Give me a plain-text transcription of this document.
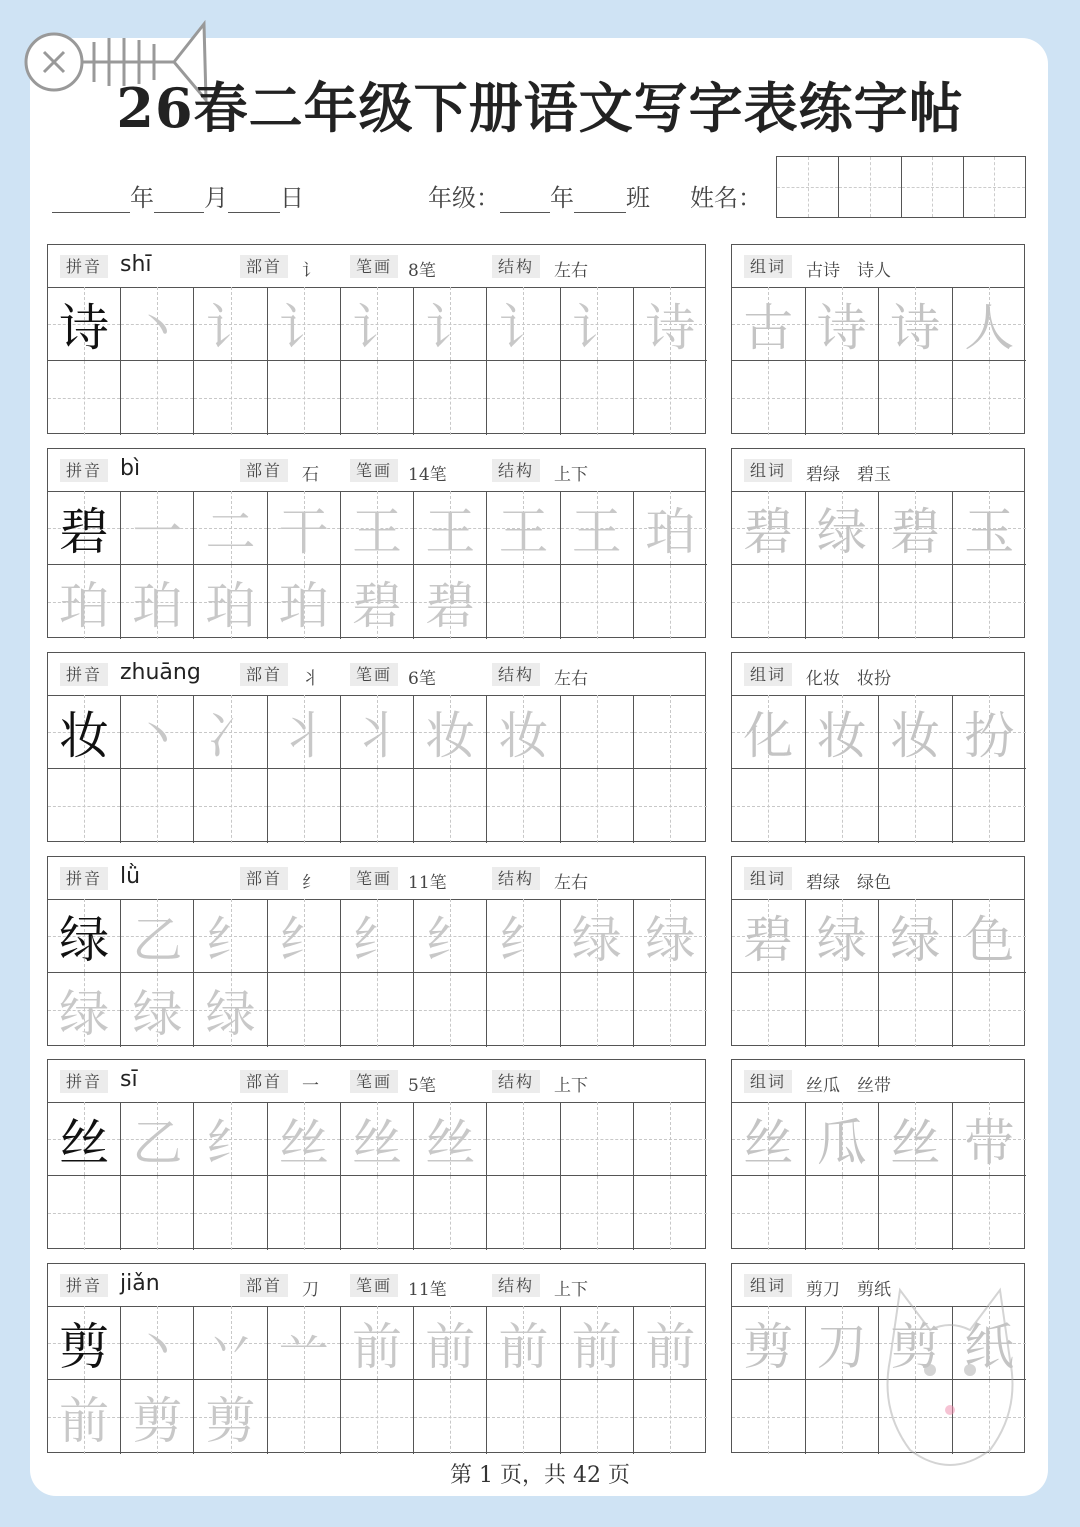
26春二年级下册语文写字表练字帖
年 月 日	年级： 年 班 姓名：
拼音 shī	部首	讠	笔画 8笔	结构	左右
诗 丶 讠 讠 讠 讠 讠 讠 诗
组词	古诗　诗人
古 诗 诗 人
拼音 bì	部首	石	笔画 14笔	结构	上下
碧 一 二 干 王 王 王 王 珀
珀 珀 珀 珀 碧 碧
组词	碧绿　碧玉
碧 绿 碧 玉
拼音 zhuāng	部首	丬	笔画 6笔	结构	左右
妆 丶 冫 丬 丬 妆 妆
组词	化妆　妆扮
化 妆 妆 扮
拼音 lǜ	部首	纟	笔画 11笔	结构	左右
绿 乙 纟 纟 纟 纟 纟 绿 绿
绿 绿 绿
组词	碧绿　绿色
碧 绿 绿 色
拼音 sī	部首	一	笔画 5笔	结构	上下
丝 乙 纟 丝 丝 丝
组词	丝瓜　丝带
丝 瓜 丝 带
拼音 jiǎn	部首	刀	笔画 11笔	结构	上下
剪 丶 丷 䒑 前 前 前 前 前
前 剪 剪
组词	剪刀　剪纸
剪 刀 剪 纸
第 1 页，共 42 页
